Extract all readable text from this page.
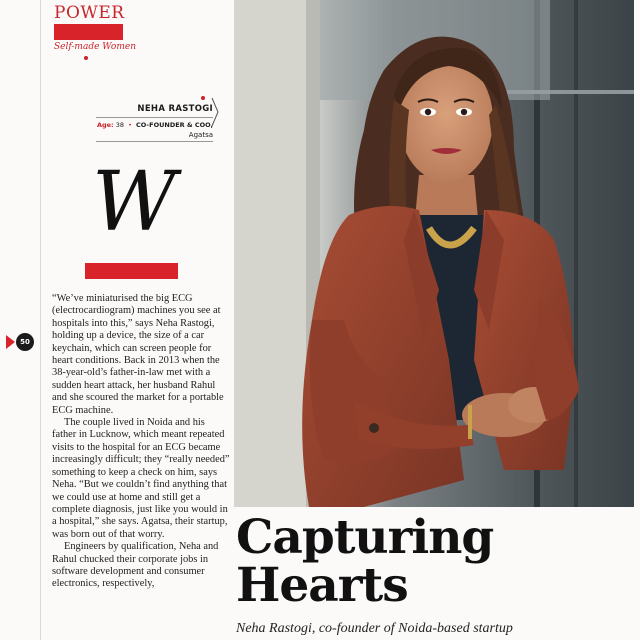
POWER
Self-made Women
NEHA RASTOGI
Age: 38 • CO-FOUNDER & COO,
Agatsa
W
50

“We’ve miniaturised the big ECG (electrocardiogram) machines you see at hospitals into this,” says Neha Rastogi, holding up a device, the size of a car keychain, which can screen people for heart conditions. Back in 2013 when the 38-year-old’s father-in-law met with a sudden heart attack, her husband Rahul and she scoured the market for a portable ECG machine.

The couple lived in Noida and his father in Lucknow, which meant repeated visits to the hospital for an ECG became increasingly difficult; they “really needed” something to keep a check on him, says Neha. “But we couldn’t find anything that we could use at home and still get a complete diagnosis, just like you would in a hospital,” she says. Agatsa, their startup, was born out of that worry.

Engineers by qualification, Neha and Rahul chucked their corporate jobs in software development and consumer electronics, respectively,

Capturing
Hearts
Neha Rastogi, co-founder of Noida-based startup
